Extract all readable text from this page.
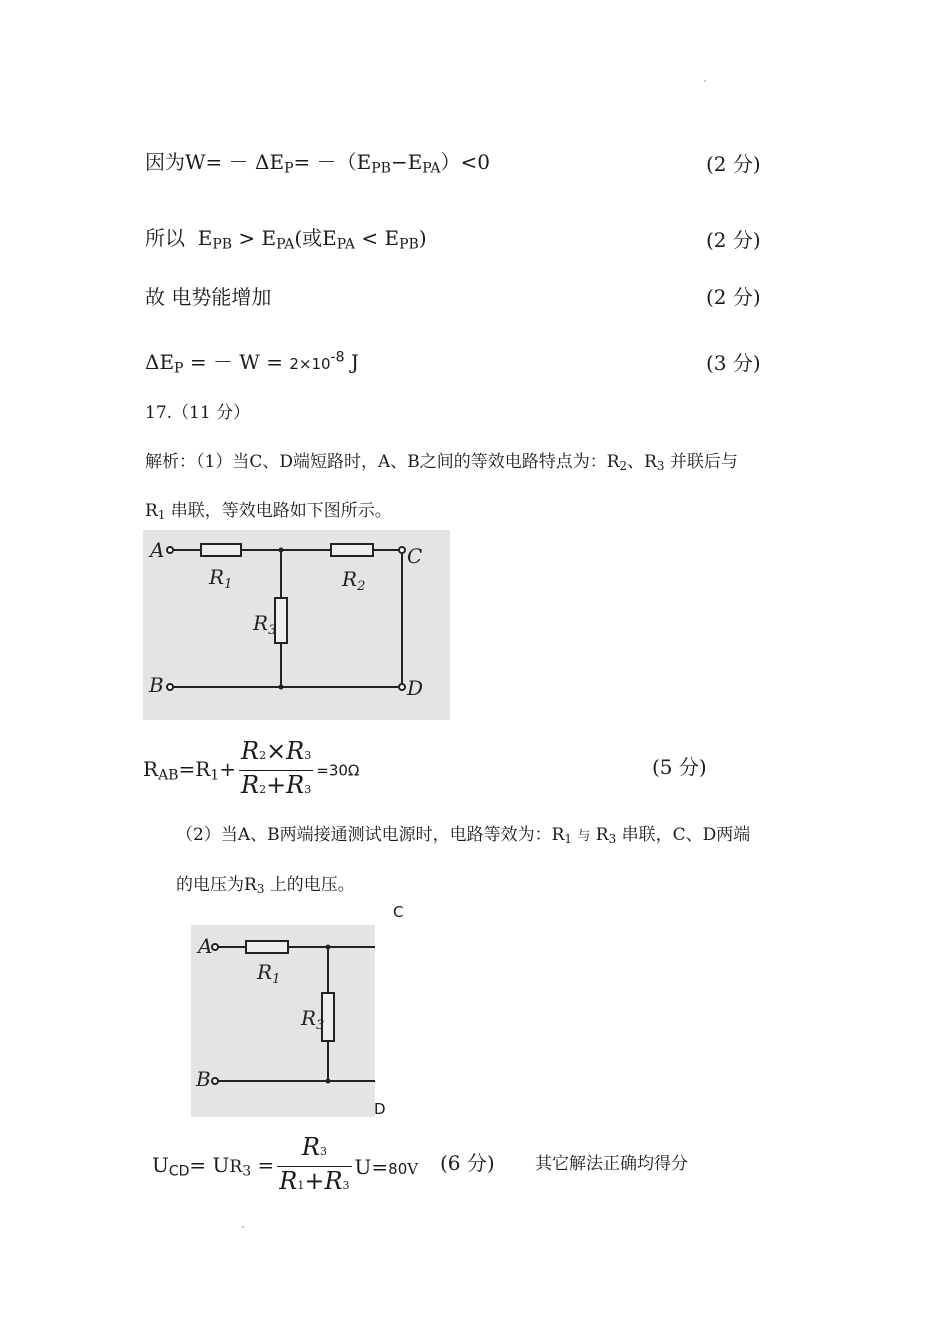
因为$W= - \Delta E_P= -(E_{PB}-E_{PA})<0$	(2 分)
所以  $E_{PB} > E_{PA}$(或$E_{PA} < E_{PB}$)	(2 分)
故 电势能增加	(2 分)
$\Delta E_P$ = － $W = 2\times 10^{-8}$ J	(3 分)
17.（11 分）
解析：（1）当C、D端短路时，A、B之间的等效电路特点为：$R_2$、$R_3$ 并联后与
$R_1$ 串联，等效电路如下图所示。
A
$R_1$	$R_2$
C
$R_3$
B	D
$R_{AB}=R_1+ \frac{R2\times R3}{R2+R3} =30\Omega$	(5 分)
（2）当A、B两端接通测试电源时，电路等效为：$R_1$ 与 $R_3$ 串联，C、D两端
的电压为$R_3$ 上的电压。
C
A
$R_1$
$R_3$
B
D
$U_{CD}= UR_3 = \frac{R3}{R1+R3} U=80V$ (6 分) 其它解法正确均得分
